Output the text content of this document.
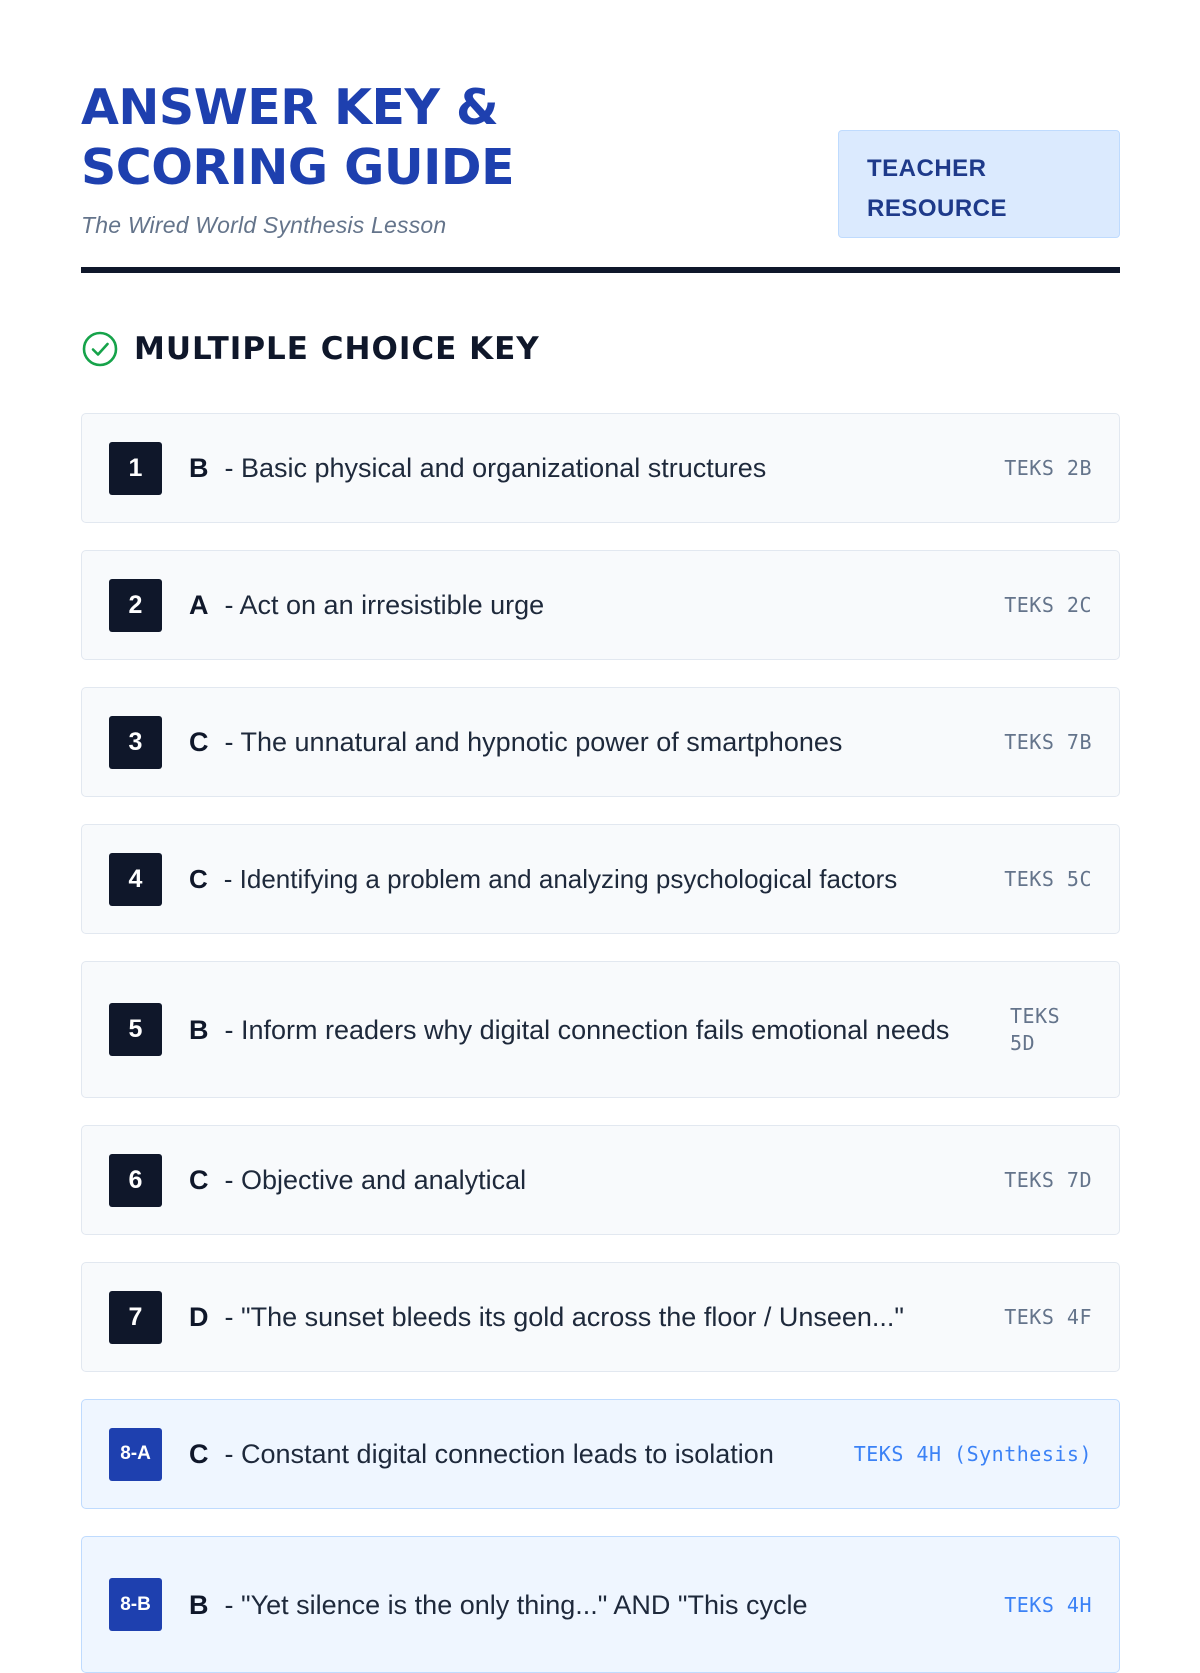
ANSWER KEY & SCORING GUIDE
The Wired World Synthesis Lesson
TEACHER RESOURCE
MULTIPLE CHOICE KEY
1	B - Basic physical and organizational structures	TEKS 2B
2	A - Act on an irresistible urge	TEKS 2C
3	C - The unnatural and hypnotic power of smartphones	TEKS 7B
4	C - Identifying a problem and analyzing psychological factors	TEKS 5C
5	B - Inform readers why digital connection fails emotional needs	TEKS 5D
6	C - Objective and analytical	TEKS 7D
7	D - "The sunset bleeds its gold across the floor / Unseen..."	TEKS 4F
8-A	C - Constant digital connection leads to isolation	TEKS 4H (Synthesis)
8-B	B - "Yet silence is the only thing..." AND "This cycle	TEKS 4H
